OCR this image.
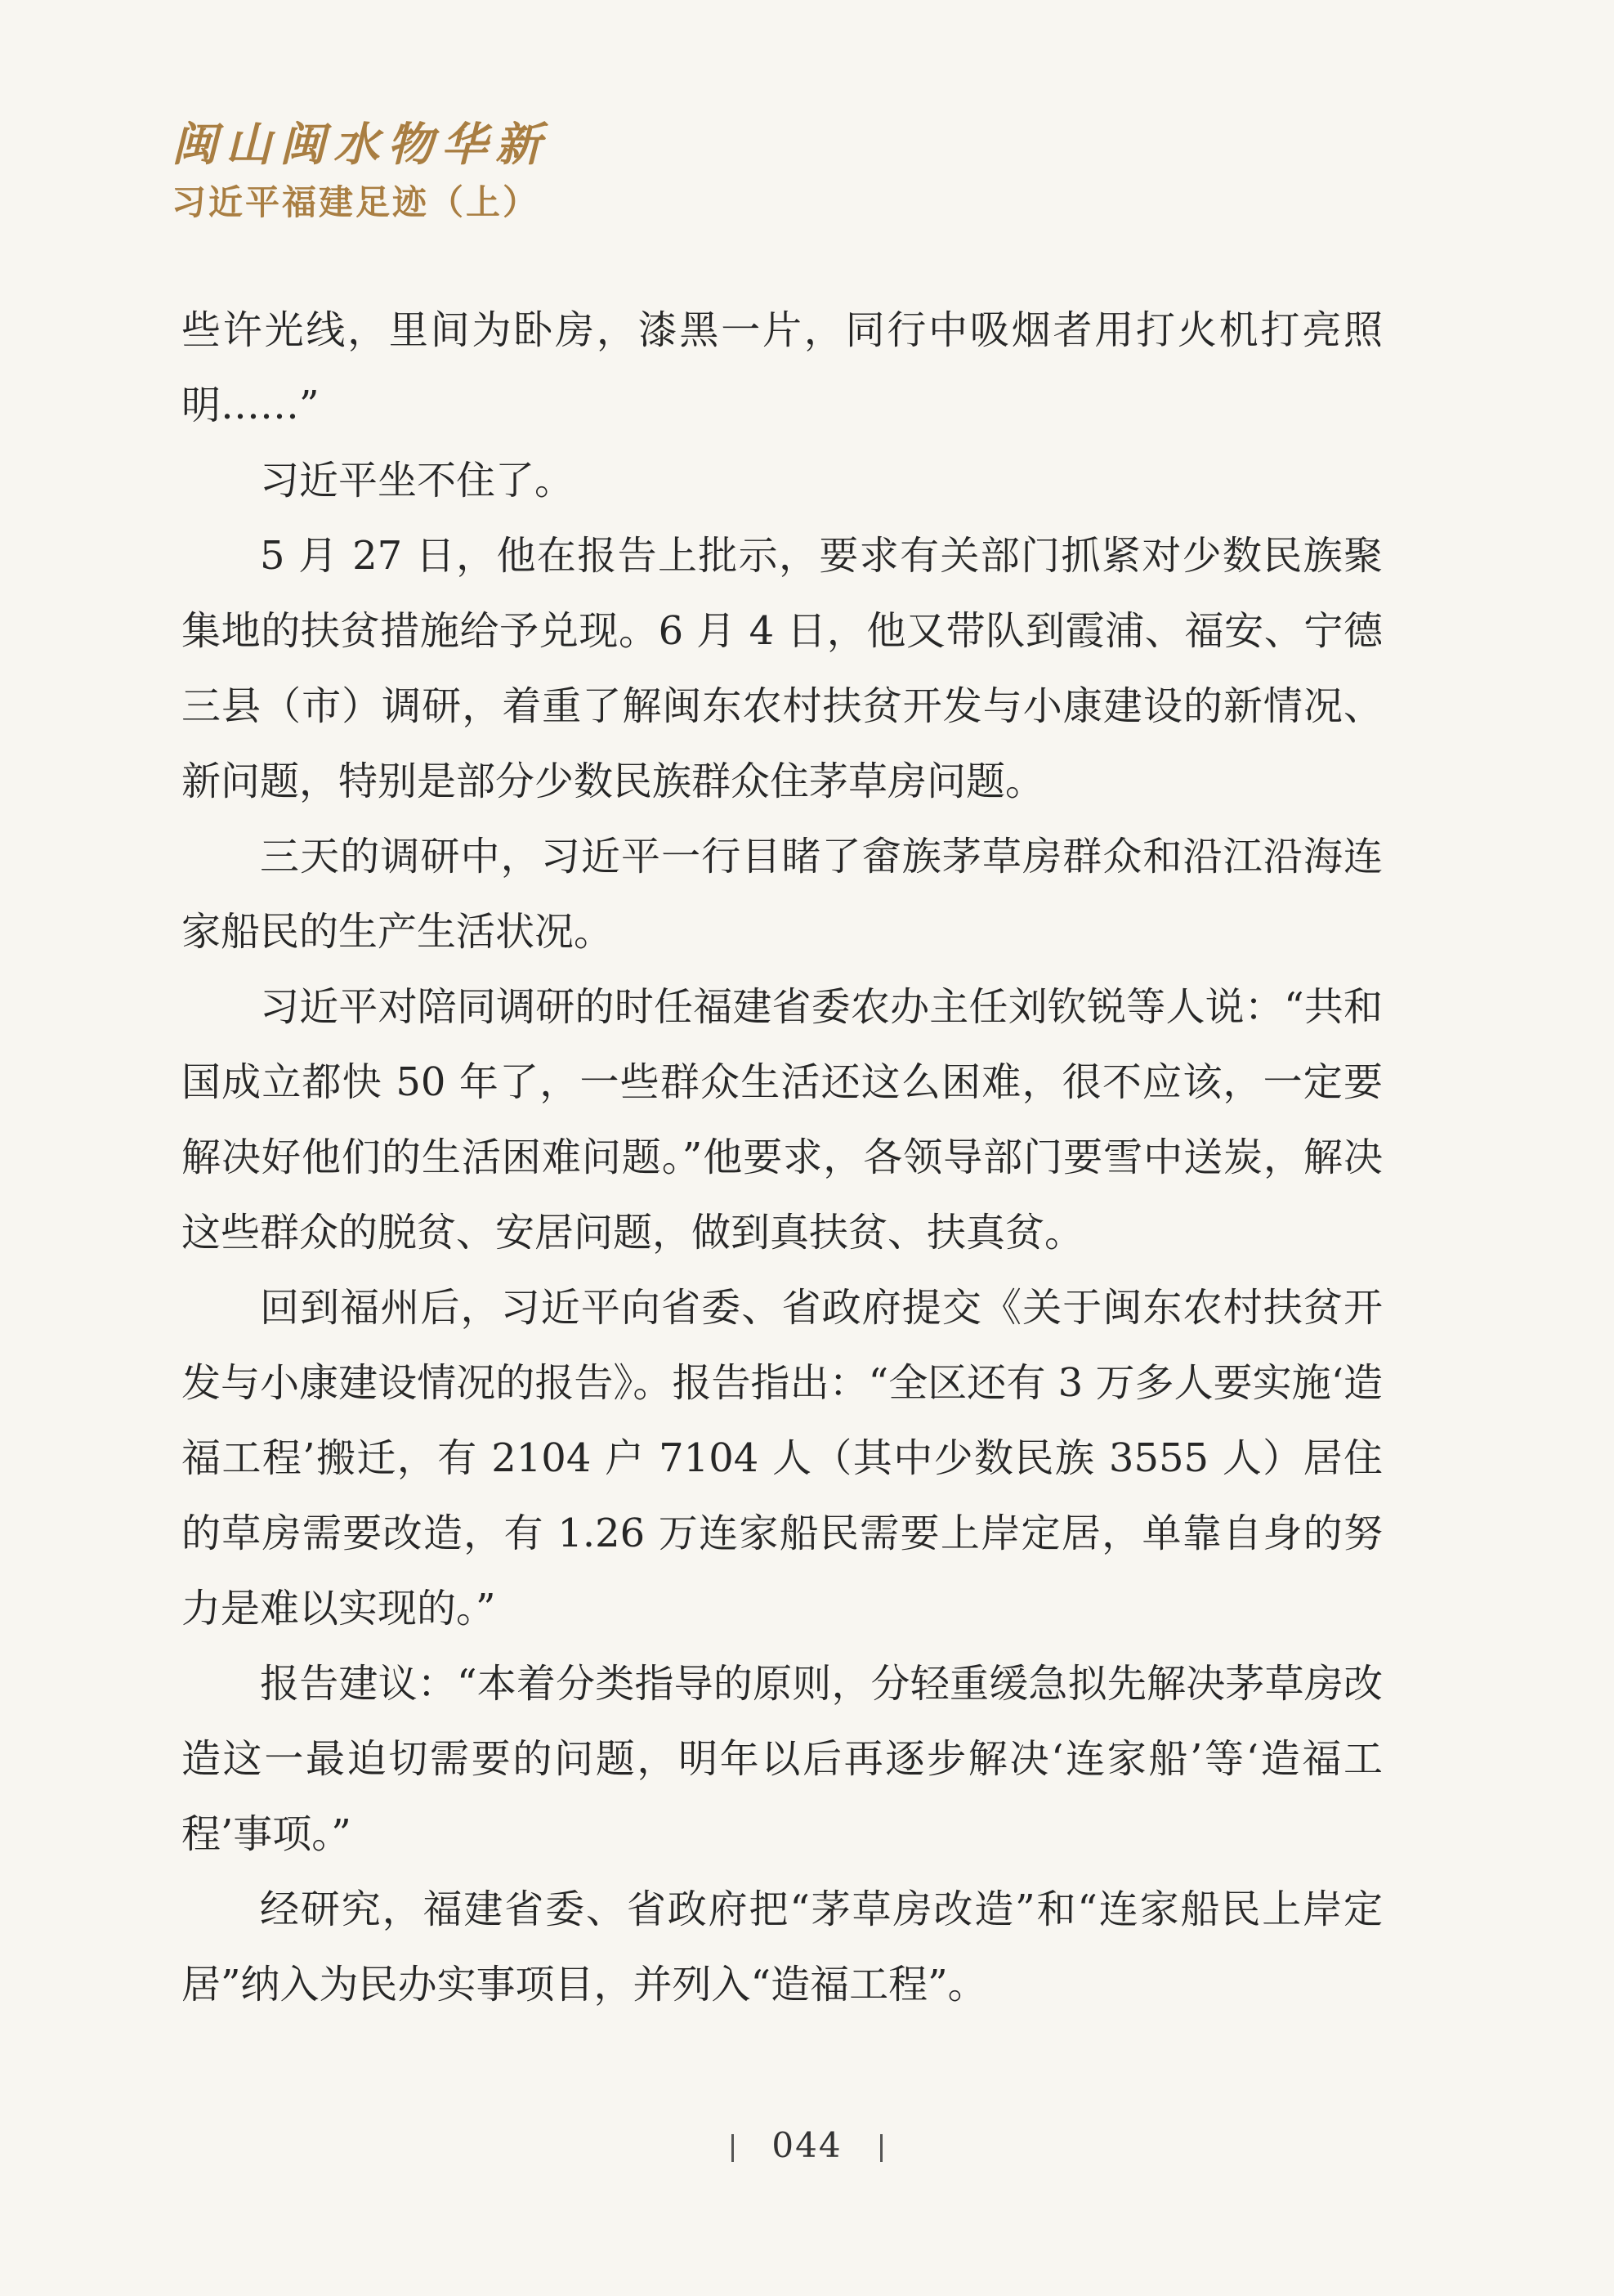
闽山闽水物华新
习近平福建足迹（上）

些许光线，里间为卧房，漆黑一片，同行中吸烟者用打火机打亮照明……”

习近平坐不住了。

5 月 27 日，他在报告上批示，要求有关部门抓紧对少数民族聚集地的扶贫措施给予兑现。6 月 4 日，他又带队到霞浦、福安、宁德三县（市）调研，着重了解闽东农村扶贫开发与小康建设的新情况、新问题，特别是部分少数民族群众住茅草房问题。

三天的调研中，习近平一行目睹了畲族茅草房群众和沿江沿海连家船民的生产生活状况。

习近平对陪同调研的时任福建省委农办主任刘钦锐等人说：“共和国成立都快 50 年了，一些群众生活还这么困难，很不应该，一定要解决好他们的生活困难问题。”他要求，各领导部门要雪中送炭，解决这些群众的脱贫、安居问题，做到真扶贫、扶真贫。

回到福州后，习近平向省委、省政府提交《关于闽东农村扶贫开发与小康建设情况的报告》。报告指出：“全区还有 3 万多人要实施‘造福工程’搬迁，有 2104 户 7104 人（其中少数民族 3555 人）居住的草房需要改造，有 1.26 万连家船民需要上岸定居，单靠自身的努力是难以实现的。”

报告建议：“本着分类指导的原则，分轻重缓急拟先解决茅草房改造这一最迫切需要的问题，明年以后再逐步解决‘连家船’等‘造福工程’事项。”

经研究，福建省委、省政府把“茅草房改造”和“连家船民上岸定居”纳入为民办实事项目，并列入“造福工程”。

044
